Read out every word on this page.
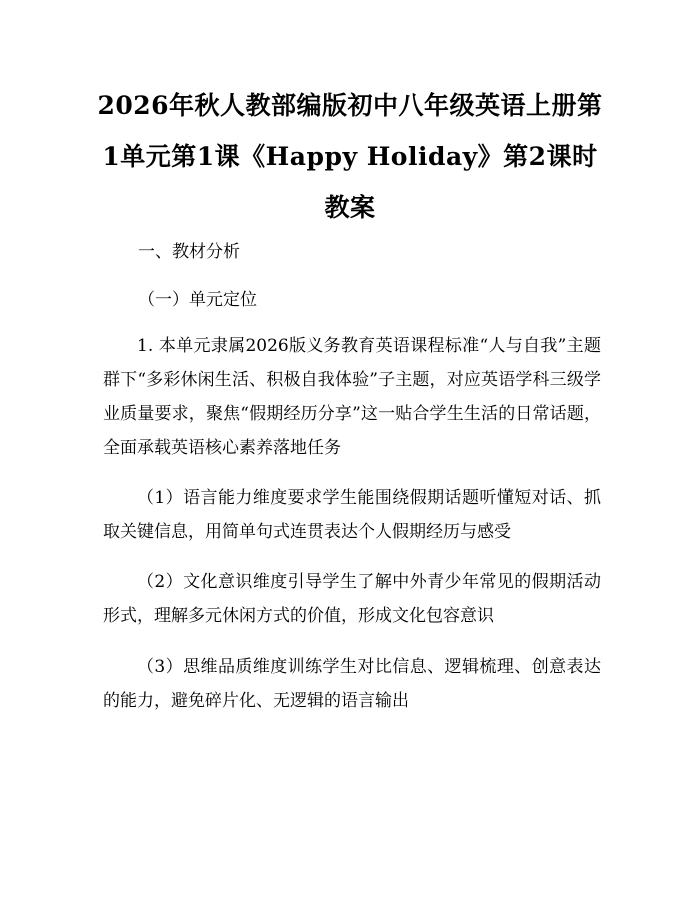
2026年秋人教部编版初中八年级英语上册第1单元第1课《Happy Holiday》第2课时教案

一、教材分析

（一）单元定位

1. 本单元隶属2026版义务教育英语课程标准“人与自我”主题群下“多彩休闲生活、积极自我体验”子主题，对应英语学科三级学业质量要求，聚焦“假期经历分享”这一贴合学生生活的日常话题，全面承载英语核心素养落地任务

（1）语言能力维度要求学生能围绕假期话题听懂短对话、抓取关键信息，用简单句式连贯表达个人假期经历与感受

（2）文化意识维度引导学生了解中外青少年常见的假期活动形式，理解多元休闲方式的价值，形成文化包容意识

（3）思维品质维度训练学生对比信息、逻辑梳理、创意表达的能力，避免碎片化、无逻辑的语言输出
